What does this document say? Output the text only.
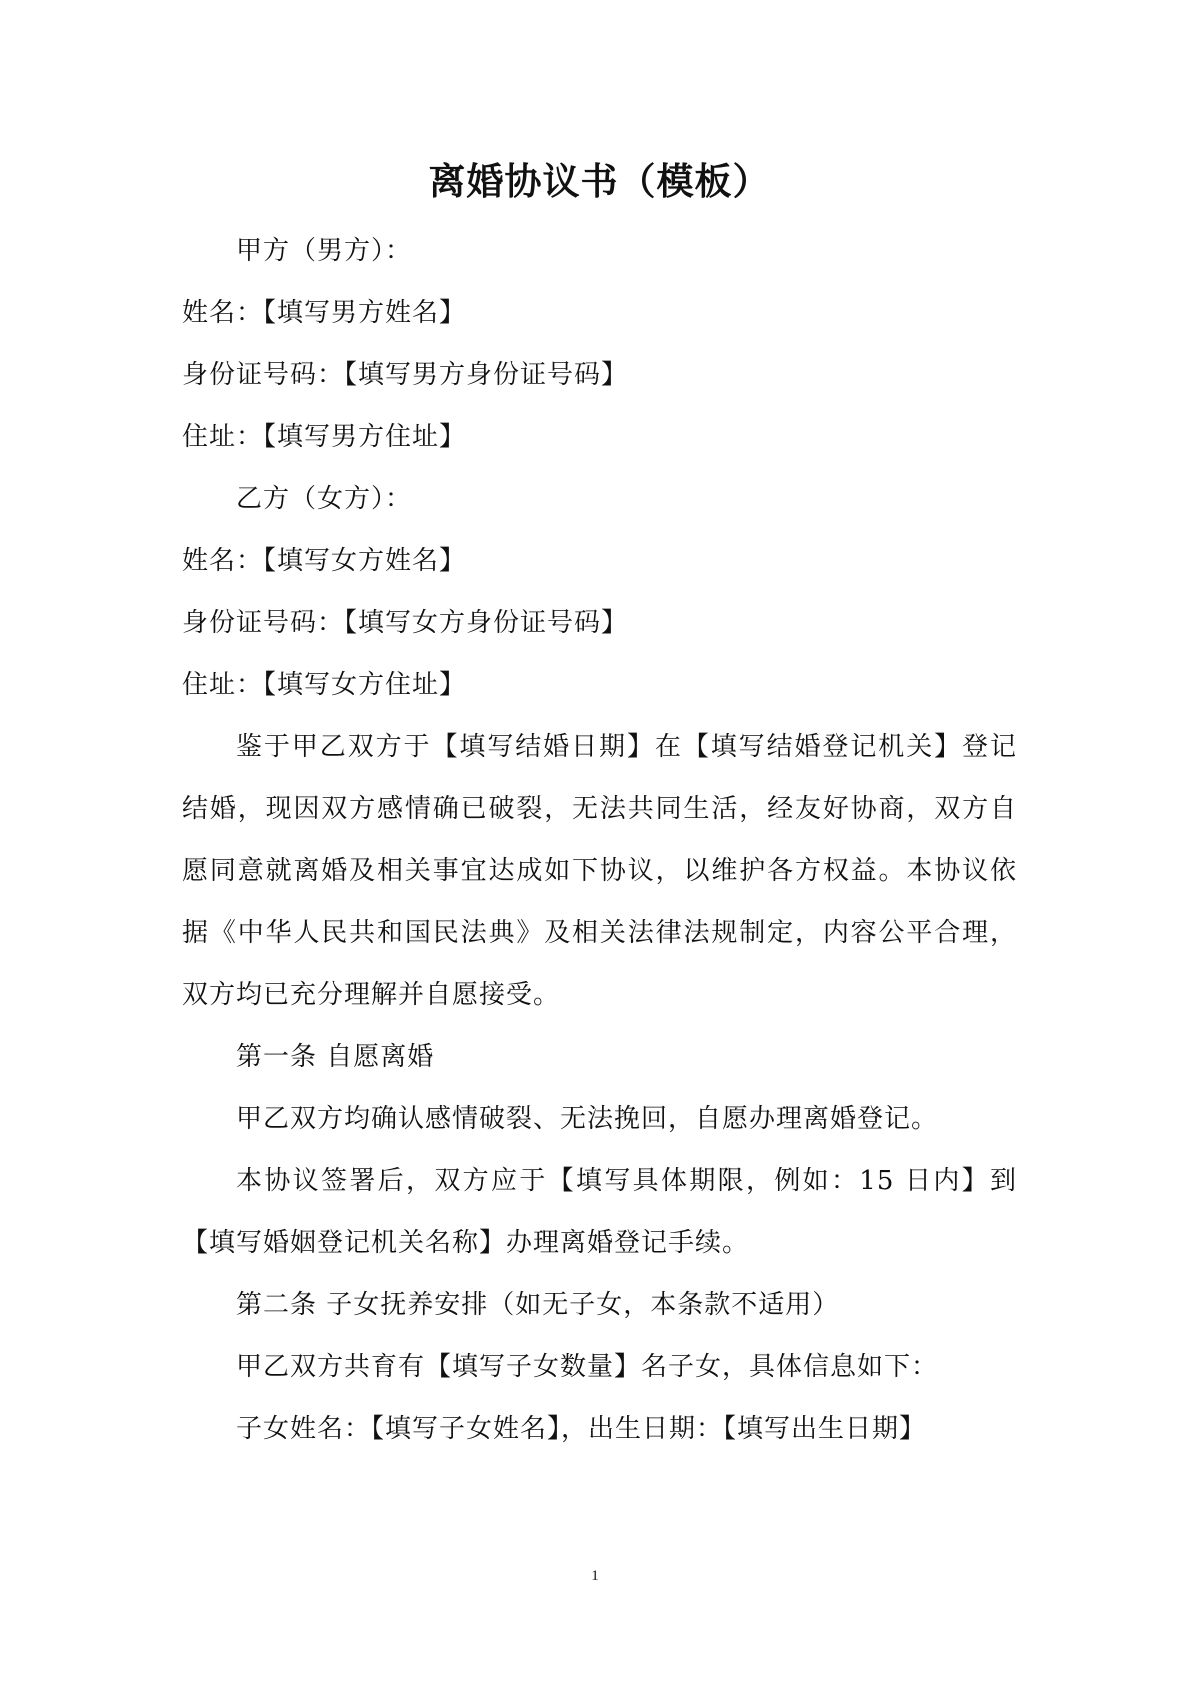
离婚协议书（模板）
甲方（男方）：
姓名：【填写男方姓名】
身份证号码：【填写男方身份证号码】
住址：【填写男方住址】
乙方（女方）：
姓名：【填写女方姓名】
身份证号码：【填写女方身份证号码】
住址：【填写女方住址】

鉴于甲乙双方于【填写结婚日期】在【填写结婚登记机关】登记结婚，现因双方感情确已破裂，无法共同生活，经友好协商，双方自愿同意就离婚及相关事宜达成如下协议，以维护各方权益。本协议依据《中华人民共和国民法典》及相关法律法规制定，内容公平合理，双方均已充分理解并自愿接受。

第一条 自愿离婚
甲乙双方均确认感情破裂、无法挽回，自愿办理离婚登记。

本协议签署后，双方应于【填写具体期限，例如：15 日内】到【填写婚姻登记机关名称】办理离婚登记手续。

第二条 子女抚养安排（如无子女，本条款不适用）
甲乙双方共育有【填写子女数量】名子女，具体信息如下：
子女姓名：【填写子女姓名】，出生日期：【填写出生日期】
1
